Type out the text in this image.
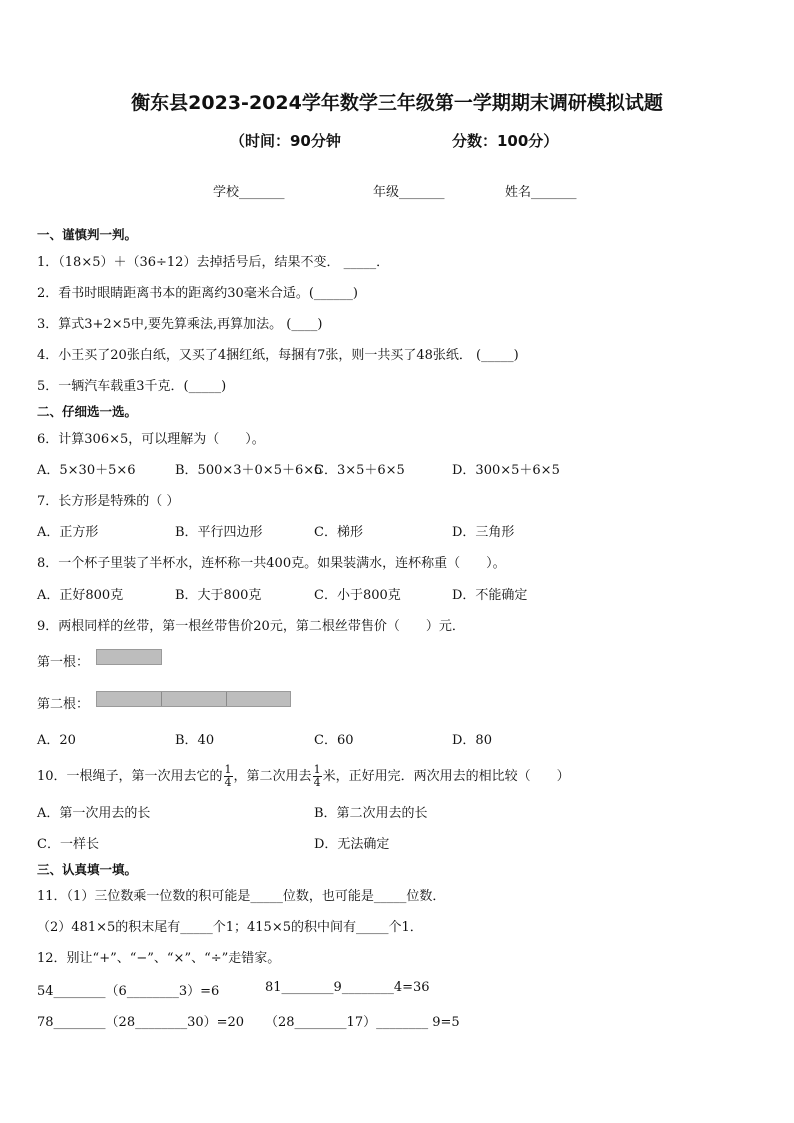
衡东县2023-2024学年数学三年级第一学期期末调研模拟试题
（时间：90分钟	分数：100分）
学校_______	年级_______	姓名_______
一、谨慎判一判。
1．（18×5）＋（36÷12）去掉括号后，结果不变． _____．
2．看书时眼睛距离书本的距离约30毫米合适。(______)
3．算式3+2×5中,要先算乘法,再算加法。 (____)
4．小王买了20张白纸，又买了4捆红纸，每捆有7张，则一共买了48张纸． (_____)
5．一辆汽车载重3千克．(_____)
二、仔细选一选。
6．计算306×5，可以理解为（　　）。
A．5×30＋5×6	B．500×3＋0×5＋6×5
C．3×5＋6×5	D．300×5＋6×5
7．长方形是特殊的（ ）
A．正方形	B．平行四边形	C．梯形	D．三角形
8．一个杯子里装了半杯水，连杯称一共400克。如果装满水，连杯称重（　　）。
A．正好800克	B．大于800克	C．小于800克	D．不能确定
9．两根同样的丝带，第一根丝带售价20元，第二根丝带售价（　　）元．
第一根：
第二根：
A．20	B．40	C．60	D．80
10．一根绳子，第一次用去它的 $\frac{1}{4}$ ，第二次用去 $\frac{1}{4}$ 米，正好用完．两次用去的相比较（　　）
A．第一次用去的长	B．第二次用去的长
C．一样长	D．无法确定
三、认真填一填。
11．（1）三位数乘一位数的积可能是_____位数，也可能是_____位数．
（2）481×5的积末尾有_____个1；415×5的积中间有_____个1．
12．别让“+”、“−”、“×”、“÷”走错家。
54________（6________3）=6	81________9________4=36
78________（28________30）=20 （28________17）________ 9=5
